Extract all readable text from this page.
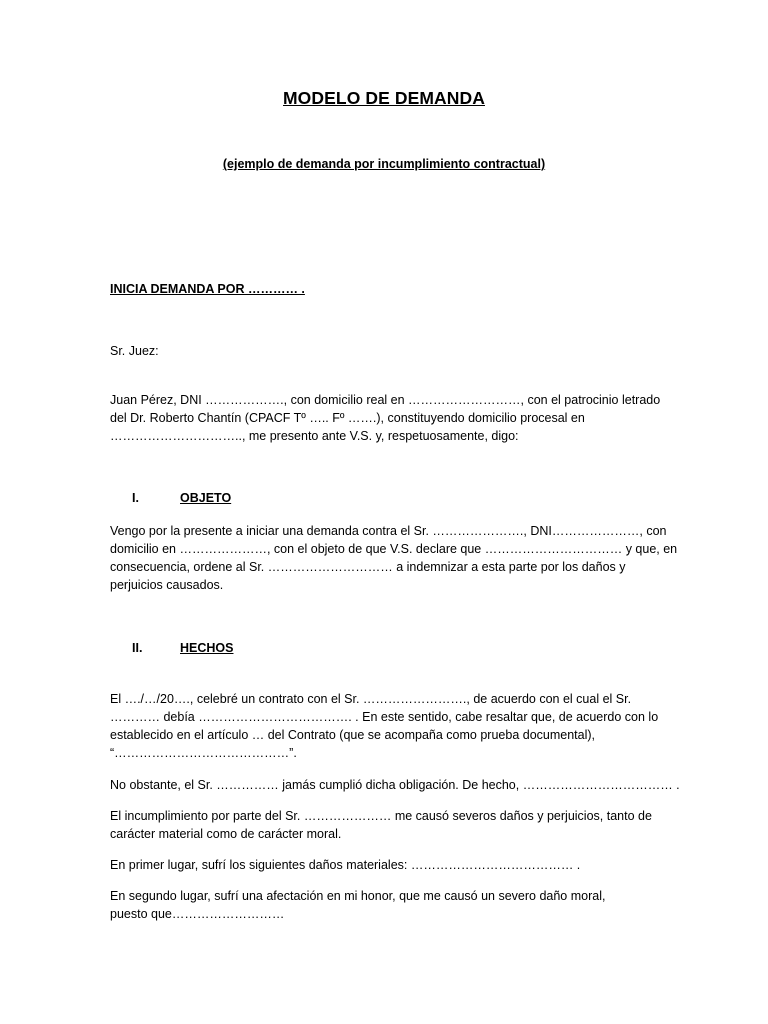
MODELO DE DEMANDA
(ejemplo de demanda por incumplimiento contractual)
INICIA DEMANDA POR ………… .
Sr. Juez:
Juan Pérez, DNI ………………., con domicilio real en ………………………, con el patrocinio letrado
del Dr. Roberto Chantín (CPACF Tº ….. Fº …….), constituyendo domicilio procesal en
………………………….., me presento ante V.S. y, respetuosamente, digo:
I.	OBJETO
Vengo por la presente a iniciar una demanda contra el Sr. …………………., DNI…………………, con
domicilio en …………………, con el objeto de que V.S. declare que …………………………… y que, en
consecuencia, ordene al Sr. ………………………… a indemnizar a esta parte por los daños y
perjuicios causados.
II.	HECHOS
El …./…/20…., celebré un contrato con el Sr. ……………………., de acuerdo con el cual el Sr.
………… debía ………………………………. . En este sentido, cabe resaltar que, de acuerdo con lo
establecido en el artículo … del Contrato (que se acompaña como prueba documental),
“……………………………………”.
No obstante, el Sr. …………… jamás cumplió dicha obligación. De hecho, ……………………………… .
El incumplimiento por parte del Sr. ………………… me causó severos daños y perjuicios, tanto de
carácter material como de carácter moral.
En primer lugar, sufrí los siguientes daños materiales: ………………………………… .
En segundo lugar, sufrí una afectación en mi honor, que me causó un severo daño moral,
puesto que………………………
